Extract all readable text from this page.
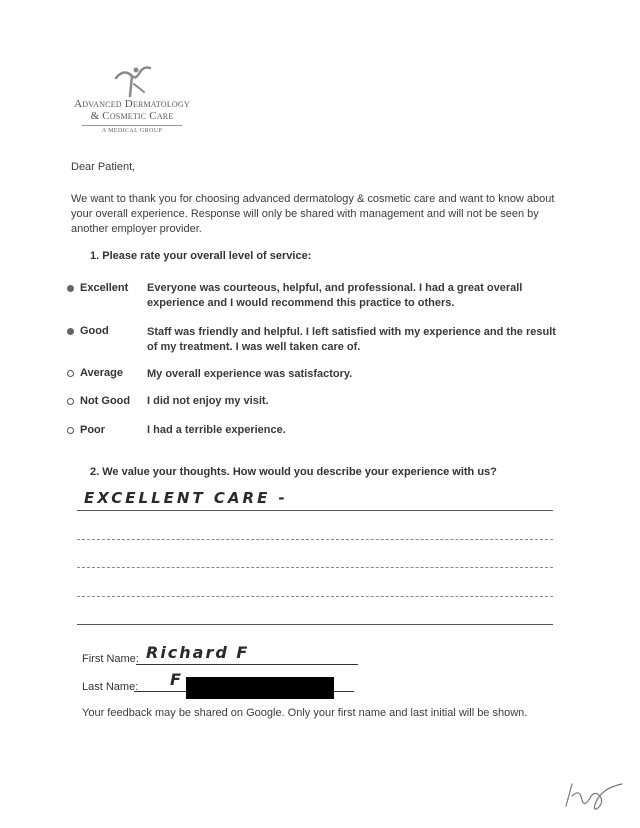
Advanced Dermatology
& Cosmetic Care
A MEDICAL GROUP
Dear Patient,
We want to thank you for choosing advanced dermatology & cosmetic care and want to know about your overall experience. Response will only be shared with management and will not be seen by another employer provider.
1. Please rate your overall level of service:
Excellent Everyone was courteous, helpful, and professional. I had a great overall experience and I would recommend this practice to others.
Good	Staff was friendly and helpful. I left satisfied with my experience and the result of my treatment. I was well taken care of.
Average My overall experience was satisfactory.
Not Good I did not enjoy my visit.
Poor	I had a terrible experience.
2. We value your thoughts. How would you describe your experience with us?
EXCELLENT CARE -
First Name: Richard F
Last Name: F
Your feedback may be shared on Google. Only your first name and last initial will be shown.
